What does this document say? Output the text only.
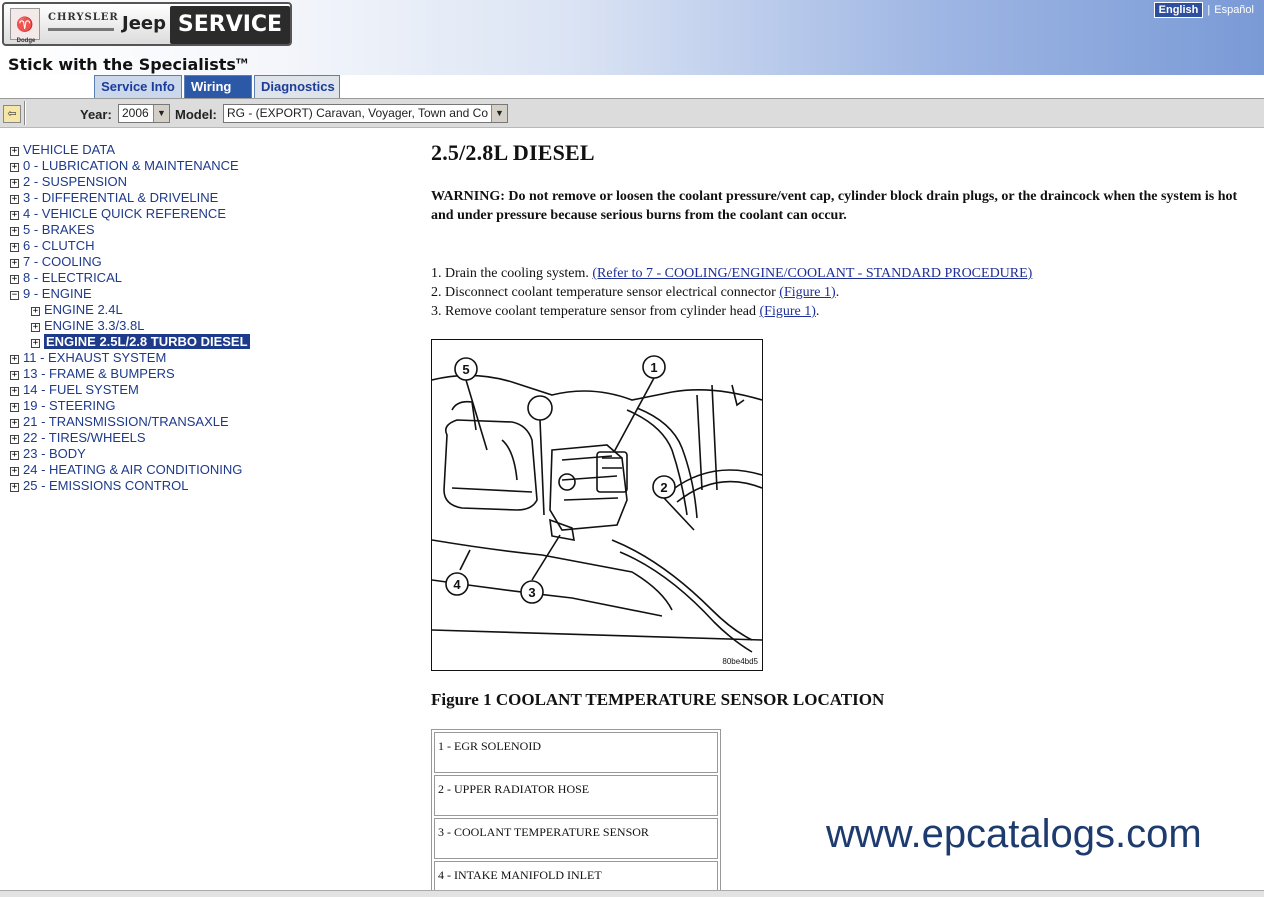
♈
Dodge
CHRYSLER Jeep SERVICE
Stick with the Specialists™
English | Español
Service Info	Wiring	Diagnostics
⇦	Year: 2006 ▼ Model: RG - (EXPORT) Caravan, Voyager, Town and Co ▼
+ VEHICLE DATA
+ 0 - LUBRICATION & MAINTENANCE
+ 2 - SUSPENSION
+ 3 - DIFFERENTIAL & DRIVELINE
+ 4 - VEHICLE QUICK REFERENCE
+ 5 - BRAKES
+ 6 - CLUTCH
+ 7 - COOLING
+ 8 - ELECTRICAL
− 9 - ENGINE
+ ENGINE 2.4L
+ ENGINE 3.3/3.8L
+ ENGINE 2.5L/2.8 TURBO DIESEL
+ 11 - EXHAUST SYSTEM
+ 13 - FRAME & BUMPERS
+ 14 - FUEL SYSTEM
+ 19 - STEERING
+ 21 - TRANSMISSION/TRANSAXLE
+ 22 - TIRES/WHEELS
+ 23 - BODY
+ 24 - HEATING & AIR CONDITIONING
+ 25 - EMISSIONS CONTROL
2.5/2.8L DIESEL
WARNING: Do not remove or loosen the coolant pressure/vent cap, cylinder block drain plugs, or the draincock when the system is hot and under pressure because serious burns from the coolant can occur.
1. Drain the cooling system. (Refer to 7 - COOLING/ENGINE/COOLANT - STANDARD PROCEDURE)
2. Disconnect coolant temperature sensor electrical connector (Figure 1).
3. Remove coolant temperature sensor from cylinder head (Figure 1).
5	1
2
3
4
80be4bd5
Figure 1 COOLANT TEMPERATURE SENSOR LOCATION
1 - EGR SOLENOID
2 - UPPER RADIATOR HOSE
3 - COOLANT TEMPERATURE SENSOR
4 - INTAKE MANIFOLD INLET
www.epcatalogs.com
